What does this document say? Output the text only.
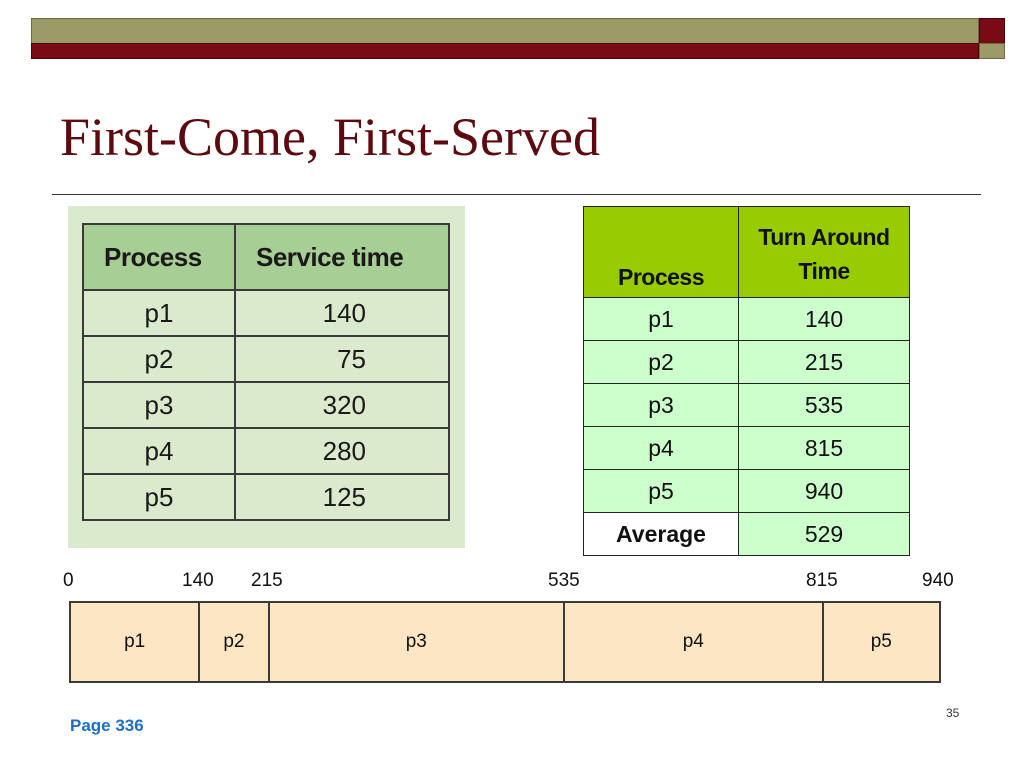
First-Come, First-Served
Process	Service time
p1	140
p2	75
p3	320
p4	280
p5	125
Process	Turn Around
Time

p1	140
p2	215
p3	535
p4	815
p5	940
Average	529
0	140 215	535	815	940
p1	p2	p3	p4	p5
Page 336
35
